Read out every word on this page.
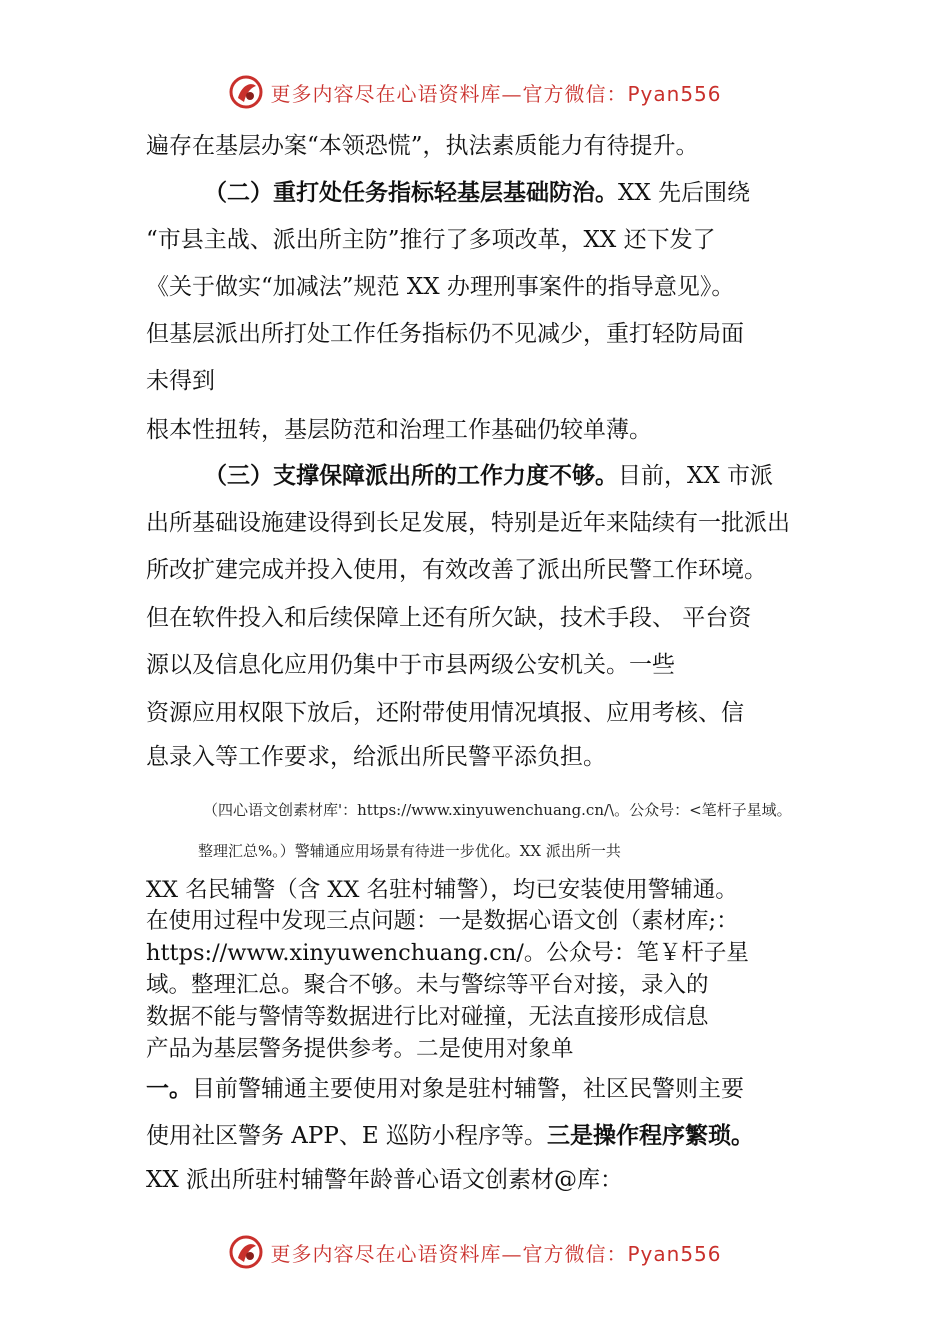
更多内容尽在心语资料库—官方微信：Pyan556
遍存在基层办案“本领恐慌”，执法素质能力有待提升。
（二）重打处任务指标轻基层基础防治。XX 先后围绕
“市县主战、派出所主防”推行了多项改革，XX 还下发了
《关于做实“加减法”规范 XX 办理刑事案件的指导意见》。
但基层派出所打处工作任务指标仍不见减少，重打轻防局面
未得到
根本性扭转，基层防范和治理工作基础仍较单薄。
（三）支撑保障派出所的工作力度不够。目前，XX 市派
出所基础设施建设得到长足发展，特别是近年来陆续有一批派出
所改扩建完成并投入使用，有效改善了派出所民警工作环境。
但在软件投入和后续保障上还有所欠缺，技术手段、 平台资
源以及信息化应用仍集中于市县两级公安机关。一些
资源应用权限下放后，还附带使用情况填报、应用考核、信
息录入等工作要求，给派出所民警平添负担。
（四心语文创素材库'：https://www.xinyuwenchuang.cn/\。公众号：<笔杆子星域。
整理汇总%。）警辅通应用场景有待进一步优化。XX 派出所一共
XX 名民辅警（含 XX 名驻村辅警），均已安装使用警辅通。
在使用过程中发现三点问题：一是数据心语文创（素材库;：
https://www.xinyuwenchuang.cn/。公众号：笔￥杆子星
域。整理汇总。聚合不够。未与警综等平台对接，录入的
数据不能与警情等数据进行比对碰撞，无法直接形成信息
产品为基层警务提供参考。二是使用对象单
一。目前警辅通主要使用对象是驻村辅警，社区民警则主要
使用社区警务 APP、E 巡防小程序等。三是操作程序繁琐。
XX 派出所驻村辅警年龄普心语文创素材@库：
更多内容尽在心语资料库—官方微信：Pyan556
